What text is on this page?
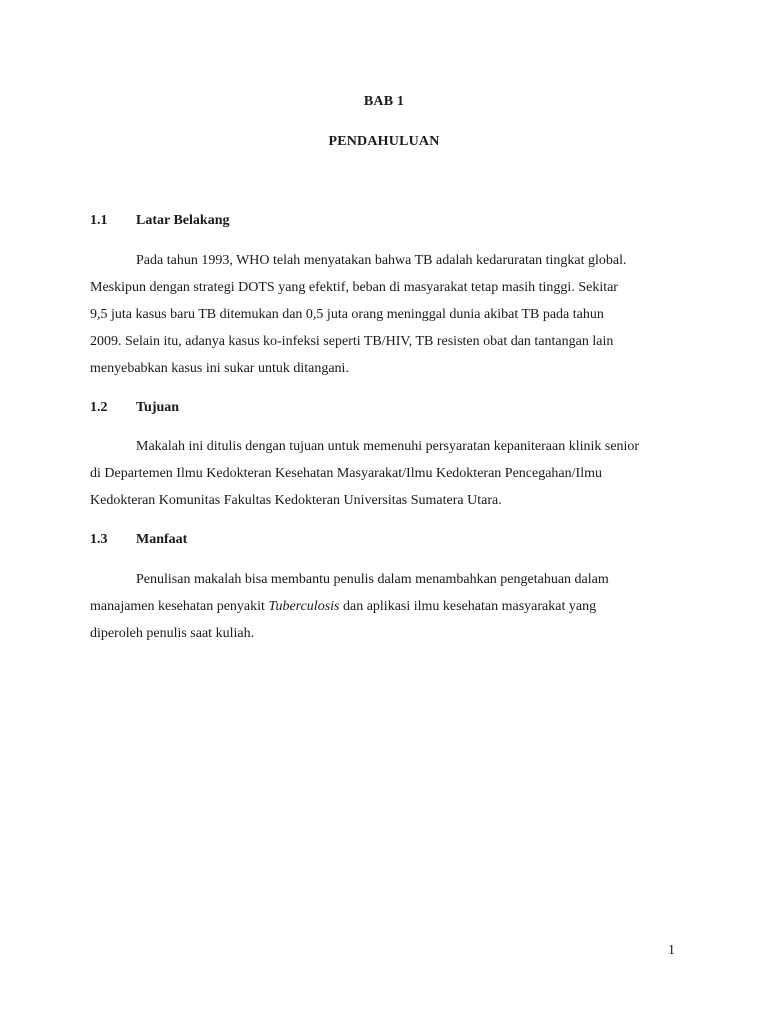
BAB 1
PENDAHULUAN
1.1 Latar Belakang
Pada tahun 1993, WHO telah menyatakan bahwa TB adalah kedaruratan tingkat global.
Meskipun dengan strategi DOTS yang efektif, beban di masyarakat tetap masih tinggi. Sekitar
9,5 juta kasus baru TB ditemukan dan 0,5 juta orang meninggal dunia akibat TB pada tahun
2009. Selain itu, adanya kasus ko-infeksi seperti TB/HIV, TB resisten obat dan tantangan lain
menyebabkan kasus ini sukar untuk ditangani.
1.2 Tujuan
Makalah ini ditulis dengan tujuan untuk memenuhi persyaratan kepaniteraan klinik senior
di Departemen Ilmu Kedokteran Kesehatan Masyarakat/Ilmu Kedokteran Pencegahan/Ilmu
Kedokteran Komunitas Fakultas Kedokteran Universitas Sumatera Utara.
1.3 Manfaat
Penulisan makalah bisa membantu penulis dalam menambahkan pengetahuan dalam
manajamen kesehatan penyakit Tuberculosis dan aplikasi ilmu kesehatan masyarakat yang
diperoleh penulis saat kuliah.
1
